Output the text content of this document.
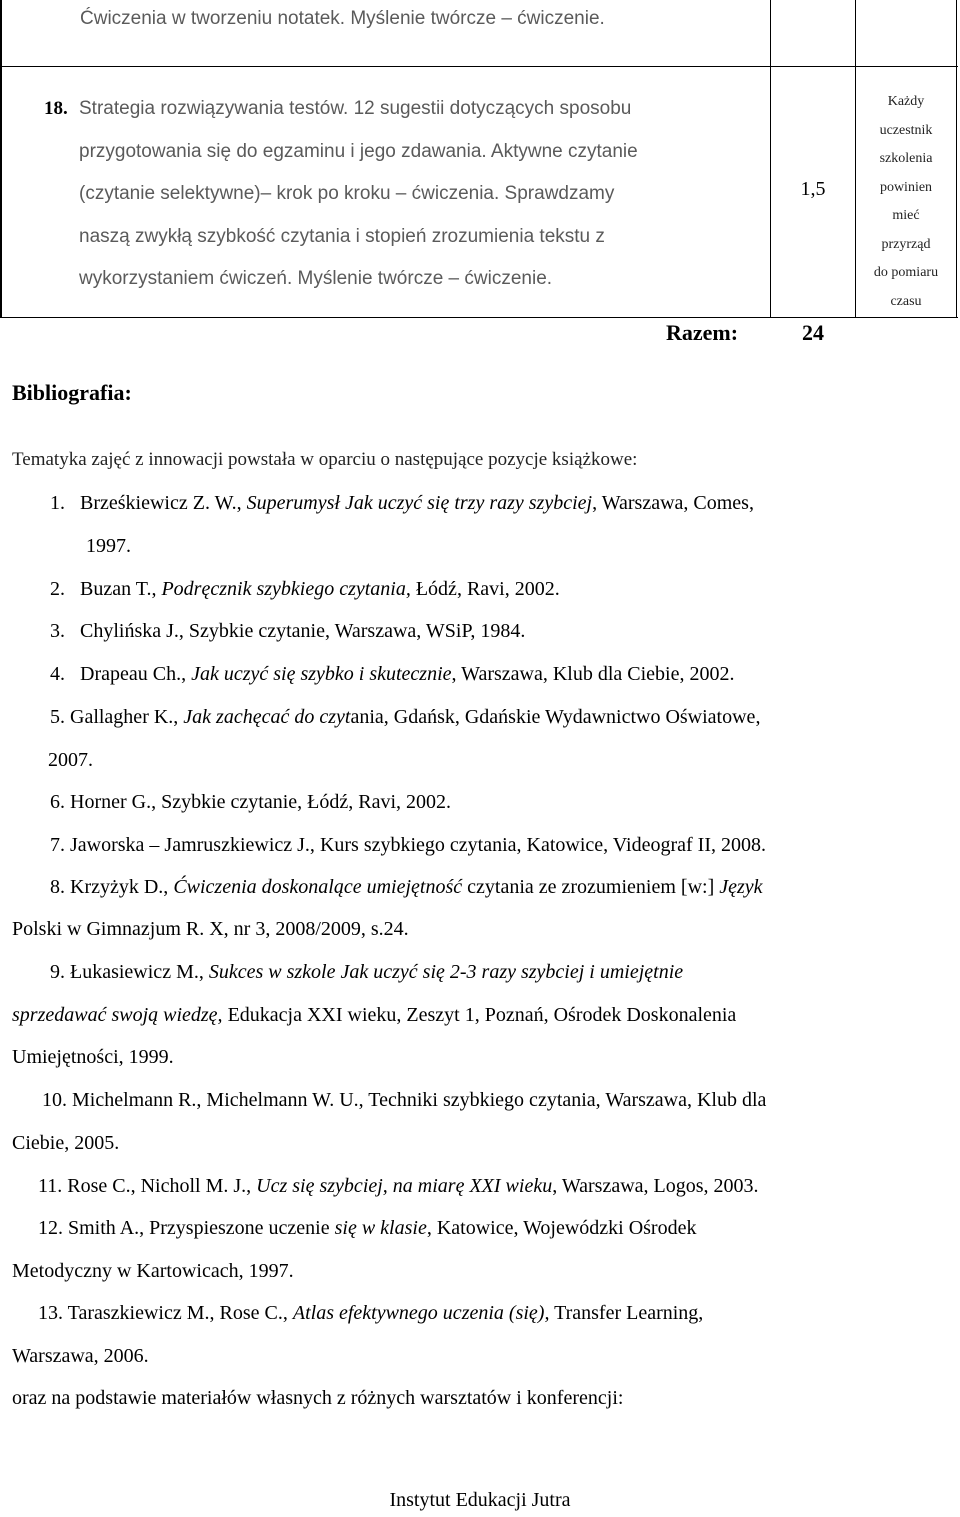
Ćwiczenia w tworzeniu notatek. Myślenie twórcze – ćwiczenie.
18. Strategia rozwiązywania testów. 12 sugestii dotyczących sposobu
przygotowania się do egzaminu i jego zdawania. Aktywne czytanie
(czytanie selektywne)– krok po kroku – ćwiczenia. Sprawdzamy
naszą zwykłą szybkość czytania i stopień zrozumienia tekstu z
wykorzystaniem ćwiczeń. Myślenie twórcze – ćwiczenie.
1,5
Każdy
uczestnik
szkolenia
powinien
mieć
przyrząd
do pomiaru
czasu
Razem:	24
Bibliografia:
Tematyka zajęć z innowacji powstała w oparciu o następujące pozycje książkowe:
1. Brześkiewicz Z. W., Superumysł Jak uczyć się trzy razy szybciej, Warszawa, Comes,
1997.
2. Buzan T., Podręcznik szybkiego czytania, Łódź, Ravi, 2002.
3. Chylińska J., Szybkie czytanie, Warszawa, WSiP, 1984.
4. Drapeau Ch., Jak uczyć się szybko i skutecznie, Warszawa, Klub dla Ciebie, 2002.
5. Gallagher K., Jak zachęcać do czytania, Gdańsk, Gdańskie Wydawnictwo Oświatowe,
2007.
6. Horner G., Szybkie czytanie, Łódź, Ravi, 2002.
7. Jaworska – Jamruszkiewicz J., Kurs szybkiego czytania, Katowice, Videograf II, 2008.
8. Krzyżyk D., Ćwiczenia doskonalące umiejętność czytania ze zrozumieniem [w:] Język
Polski w Gimnazjum R. X, nr 3, 2008/2009, s.24.
9. Łukasiewicz M., Sukces w szkole Jak uczyć się 2-3 razy szybciej i umiejętnie
sprzedawać swoją wiedzę, Edukacja XXI wieku, Zeszyt 1, Poznań, Ośrodek Doskonalenia
Umiejętności, 1999.
10. Michelmann R., Michelmann W. U., Techniki szybkiego czytania, Warszawa, Klub dla
Ciebie, 2005.
11. Rose C., Nicholl M. J., Ucz się szybciej, na miarę XXI wieku, Warszawa, Logos, 2003.
12. Smith A., Przyspieszone uczenie się w klasie, Katowice, Wojewódzki Ośrodek
Metodyczny w Kartowicach, 1997.
13. Taraszkiewicz M., Rose C., Atlas efektywnego uczenia (się), Transfer Learning,
Warszawa, 2006.
oraz na podstawie materiałów własnych z różnych warsztatów i konferencji:
Instytut Edukacji Jutra
